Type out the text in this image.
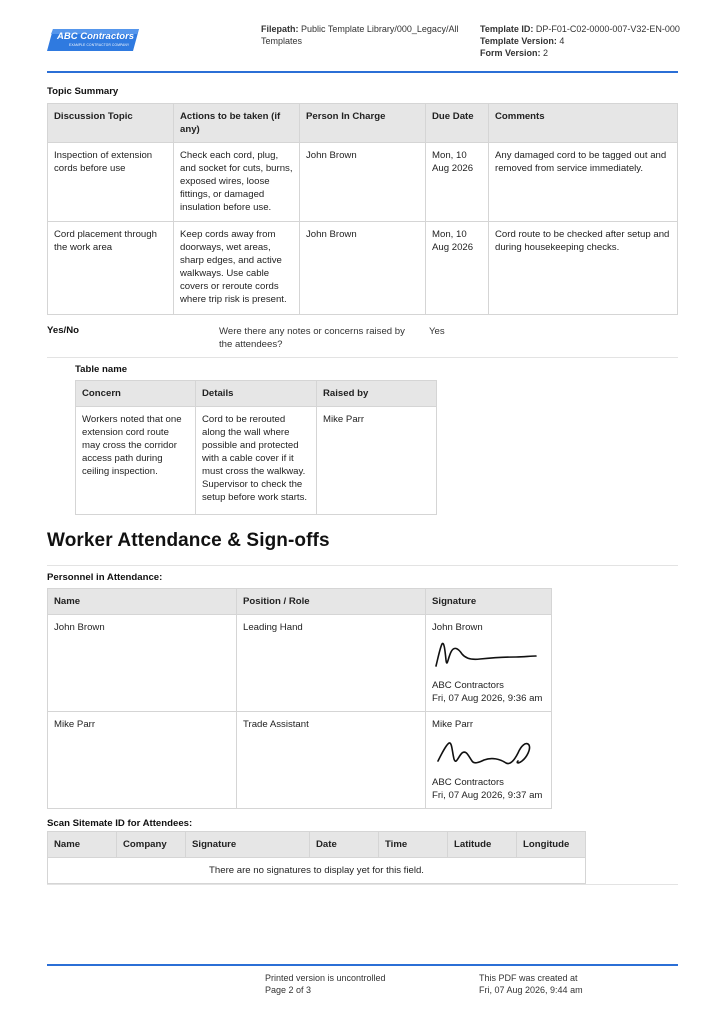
ABC Contractors
EXAMPLE CONTRACTOR COMPANY
Filepath: Public Template Library/000_Legacy/All
Templates
Template ID: DP-F01-C02-0000-007-V32-EN-000
Template Version: 4
Form Version: 2
Topic Summary
Discussion Topic	Actions to be taken (if any)	Person In Charge	Due Date	Comments
Inspection of extension cords before use	Check each cord, plug, and socket for cuts, burns, exposed wires, loose fittings, or damaged insulation before use.	John Brown	Mon, 10 Aug 2026	Any damaged cord to be tagged out and removed from service immediately.
Cord placement through the work area	Keep cords away from doorways, wet areas, sharp edges, and active walkways. Use cable covers or reroute cords where trip risk is present.	John Brown	Mon, 10 Aug 2026	Cord route to be checked after setup and during housekeeping checks.
Yes/No	Were there any notes or concerns raised by the attendees?
Yes
Table name
Concern	Details	Raised by
Workers noted that one extension cord route may cross the corridor access path during ceiling inspection.	Cord to be rerouted along the wall where possible and protected with a cable cover if it must cross the walkway. Supervisor to check the setup before work starts.	Mike Parr
Worker Attendance & Sign-offs
Personnel in Attendance:
Name	Position / Role	Signature
John Brown	Leading Hand	John Brown
ABC Contractors
Fri, 07 Aug 2026, 9:36 am

Mike Parr	Trade Assistant	Mike Parr
ABC Contractors
Fri, 07 Aug 2026, 9:37 am
Scan Sitemate ID for Attendees:
Name	Company	Signature	Date	Time	Latitude	Longitude
There are no signatures to display yet for this field.
Printed version is uncontrolled
Page 2 of 3
This PDF was created at
Fri, 07 Aug 2026, 9:44 am
